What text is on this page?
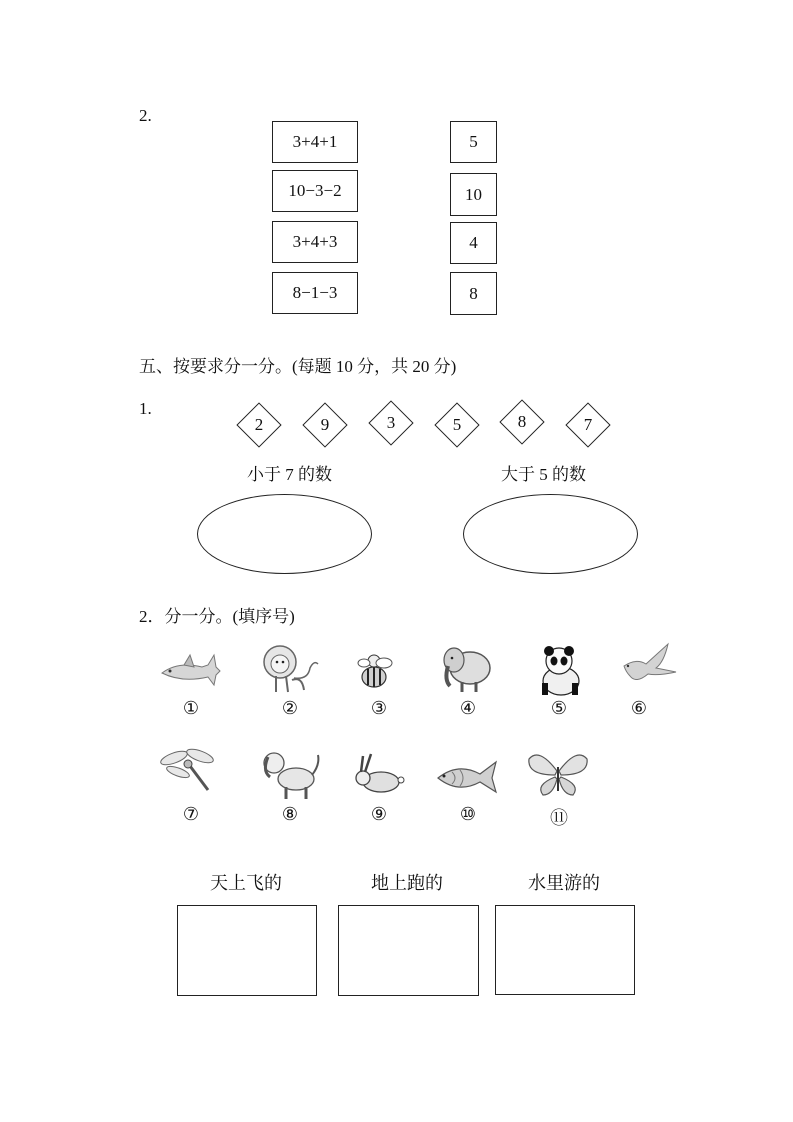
2.
3+4+1
10−3−2
3+4+3
8−1−3
5
10
4
8
五、按要求分一分。(每题 10 分，共 20 分)
1.
2	9	3	5	8	7
小于 7 的数	大于 5 的数
2．分一分。(填序号)
①	②	③	④	⑤	⑥
⑦	⑧	⑨	⑩	⑪
天上飞的	地上跑的	水里游的
